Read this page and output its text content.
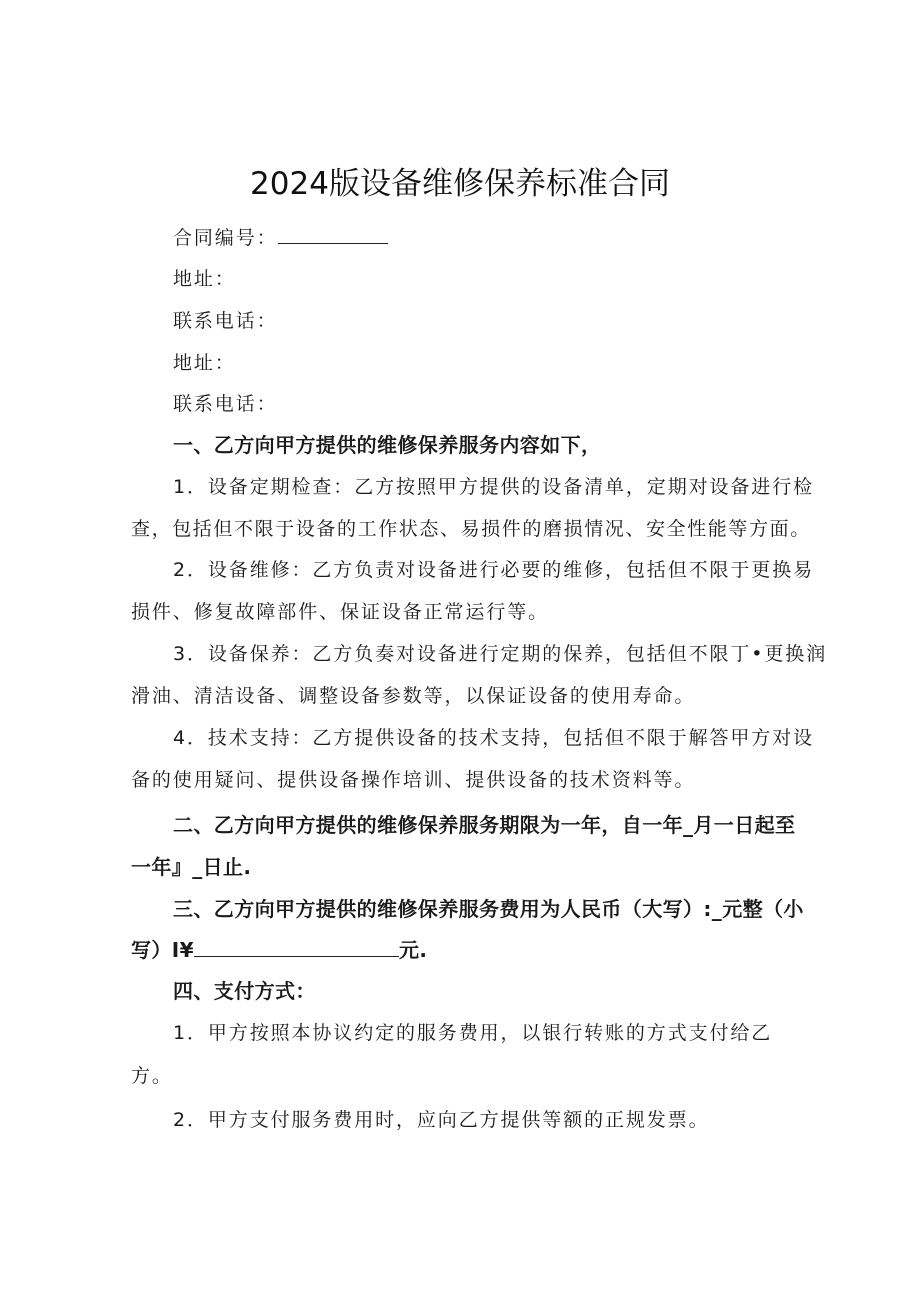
2024版设备维修保养标准合同
合同编号：
地址：
联系电话：
地址：
联系电话：
一、乙方向甲方提供的维修保养服务内容如下，
1．设备定期检查：乙方按照甲方提供的设备清单，定期对设备进行检
查，包括但不限于设备的工作状态、易损件的磨损情况、安全性能等方面。
2．设备维修：乙方负责对设备进行必要的维修，包括但不限于更换易
损件、修复故障部件、保证设备正常运行等。
3．设备保养：乙方负奏对设备进行定期的保养，包括但不限丁•更换润
滑油、清洁设备、调整设备参数等，以保证设备的使用寿命。
4．技术支持：乙方提供设备的技术支持，包括但不限于解答甲方对设
备的使用疑问、提供设备操作培训、提供设备的技术资料等。
二、乙方向甲方提供的维修保养服务期限为一年，自一年_月一日起至
一年』_日止.
三、乙方向甲方提供的维修保养服务费用为人民币（大写）:_元整（小
写）I¥	元.
四、支付方式：
1．甲方按照本协议约定的服务费用，以银行转账的方式支付给乙
方。
2．甲方支付服务费用时，应向乙方提供等额的正规发票。
